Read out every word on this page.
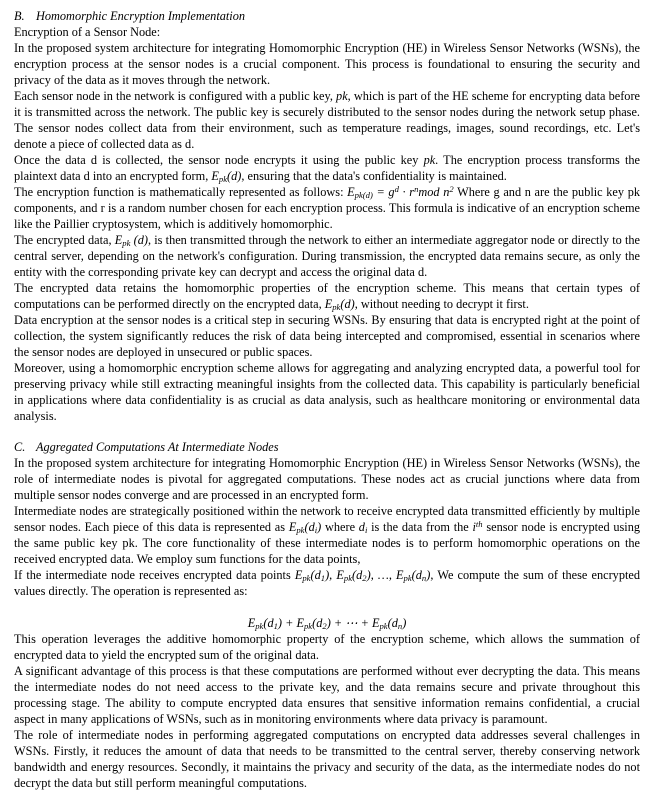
B. Homomorphic Encryption Implementation

Encryption of a Sensor Node:

In the proposed system architecture for integrating Homomorphic Encryption (HE) in Wireless Sensor Networks (WSNs), the encryption process at the sensor nodes is a crucial component. This process is foundational to ensuring the security and privacy of the data as it moves through the network.

Each sensor node in the network is configured with a public key, pk, which is part of the HE scheme for encrypting data before it is transmitted across the network. The public key is securely distributed to the sensor nodes during the network setup phase. The sensor nodes collect data from their environment, such as temperature readings, images, sound recordings, etc. Let's denote a piece of collected data as d.

Once the data d is collected, the sensor node encrypts it using the public key pk. The encryption process transforms the plaintext data d into an encrypted form, $E_{pk}(d)$, ensuring that the data's confidentiality is maintained.

The encryption function is mathematically represented as follows: $E_{pk(d)} = g^d \cdot r^nmod$ $n^2$ Where g and n are the public key pk components, and r is a random number chosen for each encryption process. This formula is indicative of an encryption scheme like the Paillier cryptosystem, which is additively homomorphic.

The encrypted data, $E_{pk}$ (d), is then transmitted through the network to either an intermediate aggregator node or directly to the central server, depending on the network's configuration. During transmission, the encrypted data remains secure, as only the entity with the corresponding private key can decrypt and access the original data d.

The encrypted data retains the homomorphic properties of the encryption scheme. This means that certain types of computations can be performed directly on the encrypted data, $E_{pk}(d)$, without needing to decrypt it first.

Data encryption at the sensor nodes is a critical step in securing WSNs. By ensuring that data is encrypted right at the point of collection, the system significantly reduces the risk of data being intercepted and compromised, essential in scenarios where the sensor nodes are deployed in unsecured or public spaces.

Moreover, using a homomorphic encryption scheme allows for aggregating and analyzing encrypted data, a powerful tool for preserving privacy while still extracting meaningful insights from the collected data. This capability is particularly beneficial in applications where data confidentiality is as crucial as data analysis, such as healthcare monitoring or environmental data analysis.

C. Aggregated Computations At Intermediate Nodes

In the proposed system architecture for integrating Homomorphic Encryption (HE) in Wireless Sensor Networks (WSNs), the role of intermediate nodes is pivotal for aggregated computations. These nodes act as crucial junctions where data from multiple sensor nodes converge and are processed in an encrypted form.

Intermediate nodes are strategically positioned within the network to receive encrypted data transmitted efficiently by multiple sensor nodes. Each piece of this data is represented as $E_{pk}(d_i)$ where $d_i$ is the data from the $i^{th}$ sensor node is encrypted using the same public key pk. The core functionality of these intermediate nodes is to perform homomorphic operations on the received encrypted data. We employ sum functions for the data points,

If the intermediate node receives encrypted data points $E_{pk}(d_1)$, $E_{pk}(d_2)$, …, $E_{pk}(d_n)$, We compute the sum of these encrypted values directly. The operation is represented as:

$E_{pk}(d_1) + E_{pk}(d_2)$ + ⋯ + $E_{pk}(d_n)$

This operation leverages the additive homomorphic property of the encryption scheme, which allows the summation of encrypted data to yield the encrypted sum of the original data.

A significant advantage of this process is that these computations are performed without ever decrypting the data. This means the intermediate nodes do not need access to the private key, and the data remains secure and private throughout this processing stage. The ability to compute encrypted data ensures that sensitive information remains confidential, a crucial aspect in many applications of WSNs, such as in monitoring environments where data privacy is paramount.

The role of intermediate nodes in performing aggregated computations on encrypted data addresses several challenges in WSNs. Firstly, it reduces the amount of data that needs to be transmitted to the central server, thereby conserving network bandwidth and energy resources. Secondly, it maintains the privacy and security of the data, as the intermediate nodes do not decrypt the data but still perform meaningful computations.
